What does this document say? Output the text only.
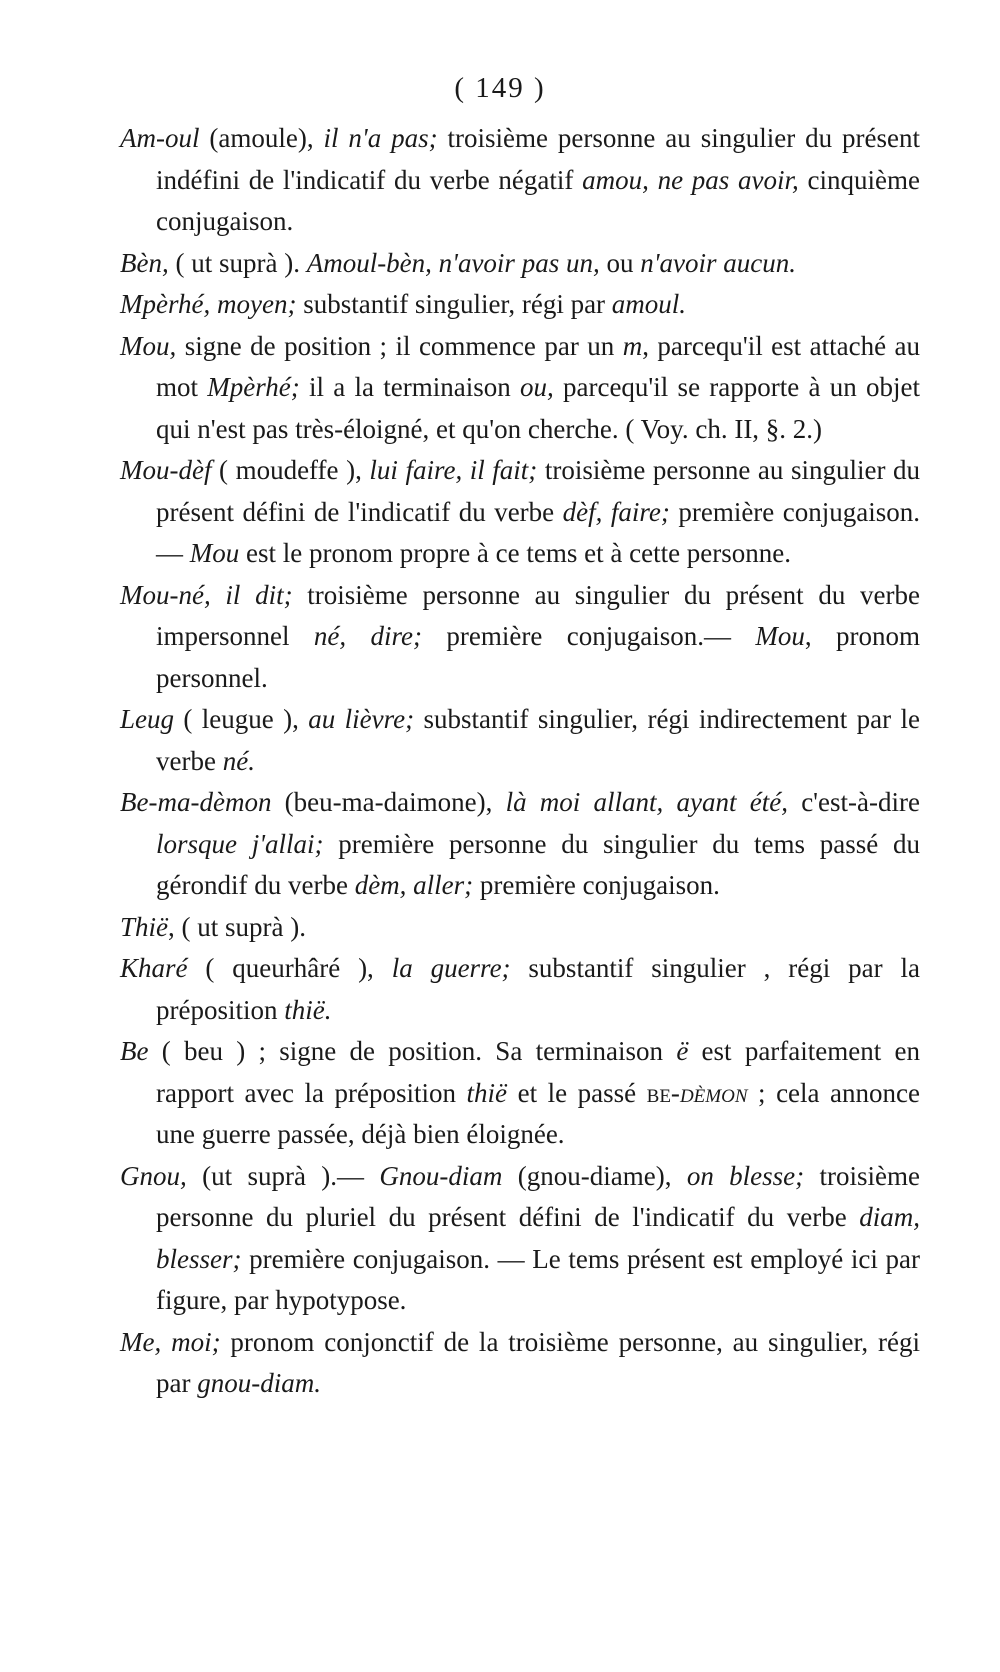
( 149 )

Am-oul (amoule), il n'a pas; troisième personne au singulier du présent indéfini de l'indicatif du verbe négatif amou, ne pas avoir, cinquième conjugaison.

Bèn, ( ut suprà ). Amoul-bèn, n'avoir pas un, ou n'avoir aucun.

Mpèrhé, moyen; substantif singulier, régi par amoul.

Mou, signe de position ; il commence par un m, parcequ'il est attaché au mot Mpèrhé; il a la terminaison ou, parcequ'il se rapporte à un objet qui n'est pas très-éloigné, et qu'on cherche. ( Voy. ch. II, §. 2.)

Mou-dèf ( moudeffe ), lui faire, il fait; troisième personne au singulier du présent défini de l'indicatif du verbe dèf, faire; première conjugaison. — Mou est le pronom propre à ce tems et à cette personne.

Mou-né, il dit; troisième personne au singulier du présent du verbe impersonnel né, dire; première conjugaison.— Mou, pronom personnel.

Leug ( leugue ), au lièvre; substantif singulier, régi indirectement par le verbe né.

Be-ma-dèmon (beu-ma-daimone), là moi allant, ayant été, c'est-à-dire lorsque j'allai; première personne du singulier du tems passé du gérondif du verbe dèm, aller; première conjugaison.

Thië, ( ut suprà ).

Kharé ( queurhâré ), la guerre; substantif singulier , régi par la préposition thië.

Be ( beu ) ; signe de position. Sa terminaison ë est parfaitement en rapport avec la préposition thië et le passé be-dèmon ; cela annonce une guerre passée, déjà bien éloignée.

Gnou, (ut suprà ).— Gnou-diam (gnou-diame), on blesse; troisième personne du pluriel du présent défini de l'indicatif du verbe diam, blesser; première conjugaison. — Le tems présent est employé ici par figure, par hypotypose.

Me, moi; pronom conjonctif de la troisième personne, au singulier, régi par gnou-diam.
